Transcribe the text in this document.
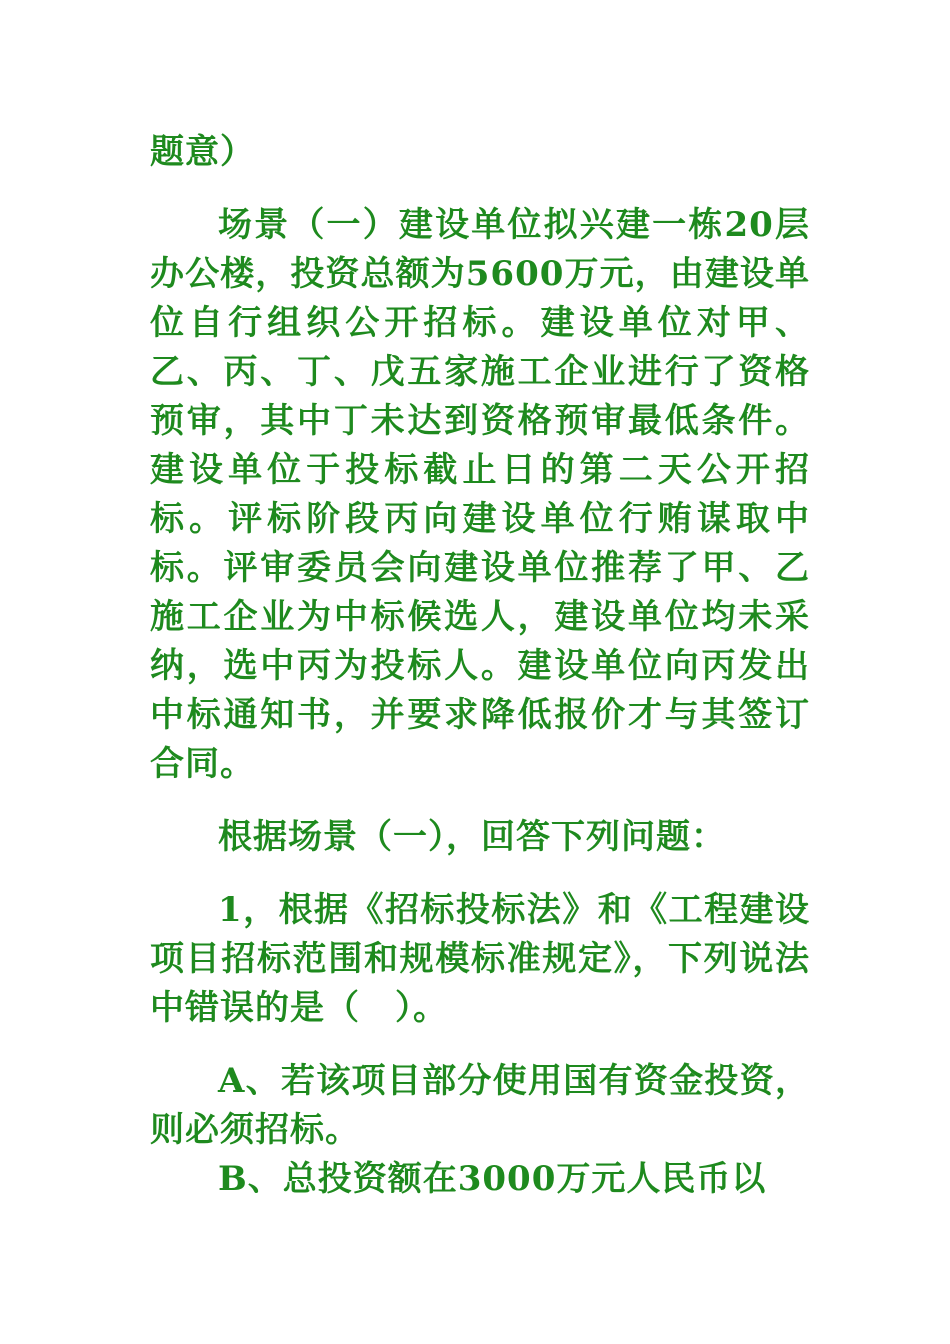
题意）

场景（一）建设单位拟兴建一栋20层办公楼，投资总额为5600万元，由建设单位自行组织公开招标。建设单位对甲、乙、丙、丁、戊五家施工企业进行了资格预审，其中丁未达到资格预审最低条件。建设单位于投标截止日的第二天公开招标。评标阶段丙向建设单位行贿谋取中标。评审委员会向建设单位推荐了甲、乙施工企业为中标候选人，建设单位均未采纳，选中丙为投标人。建设单位向丙发出中标通知书，并要求降低报价才与其签订合同。

根据场景（一），回答下列问题：

1，根据《招标投标法》和《工程建设项目招标范围和规模标准规定》，下列说法中错误的是（　）。

A、若该项目部分使用国有资金投资，则必须招标。

B、总投资额在3000万元人民币以
